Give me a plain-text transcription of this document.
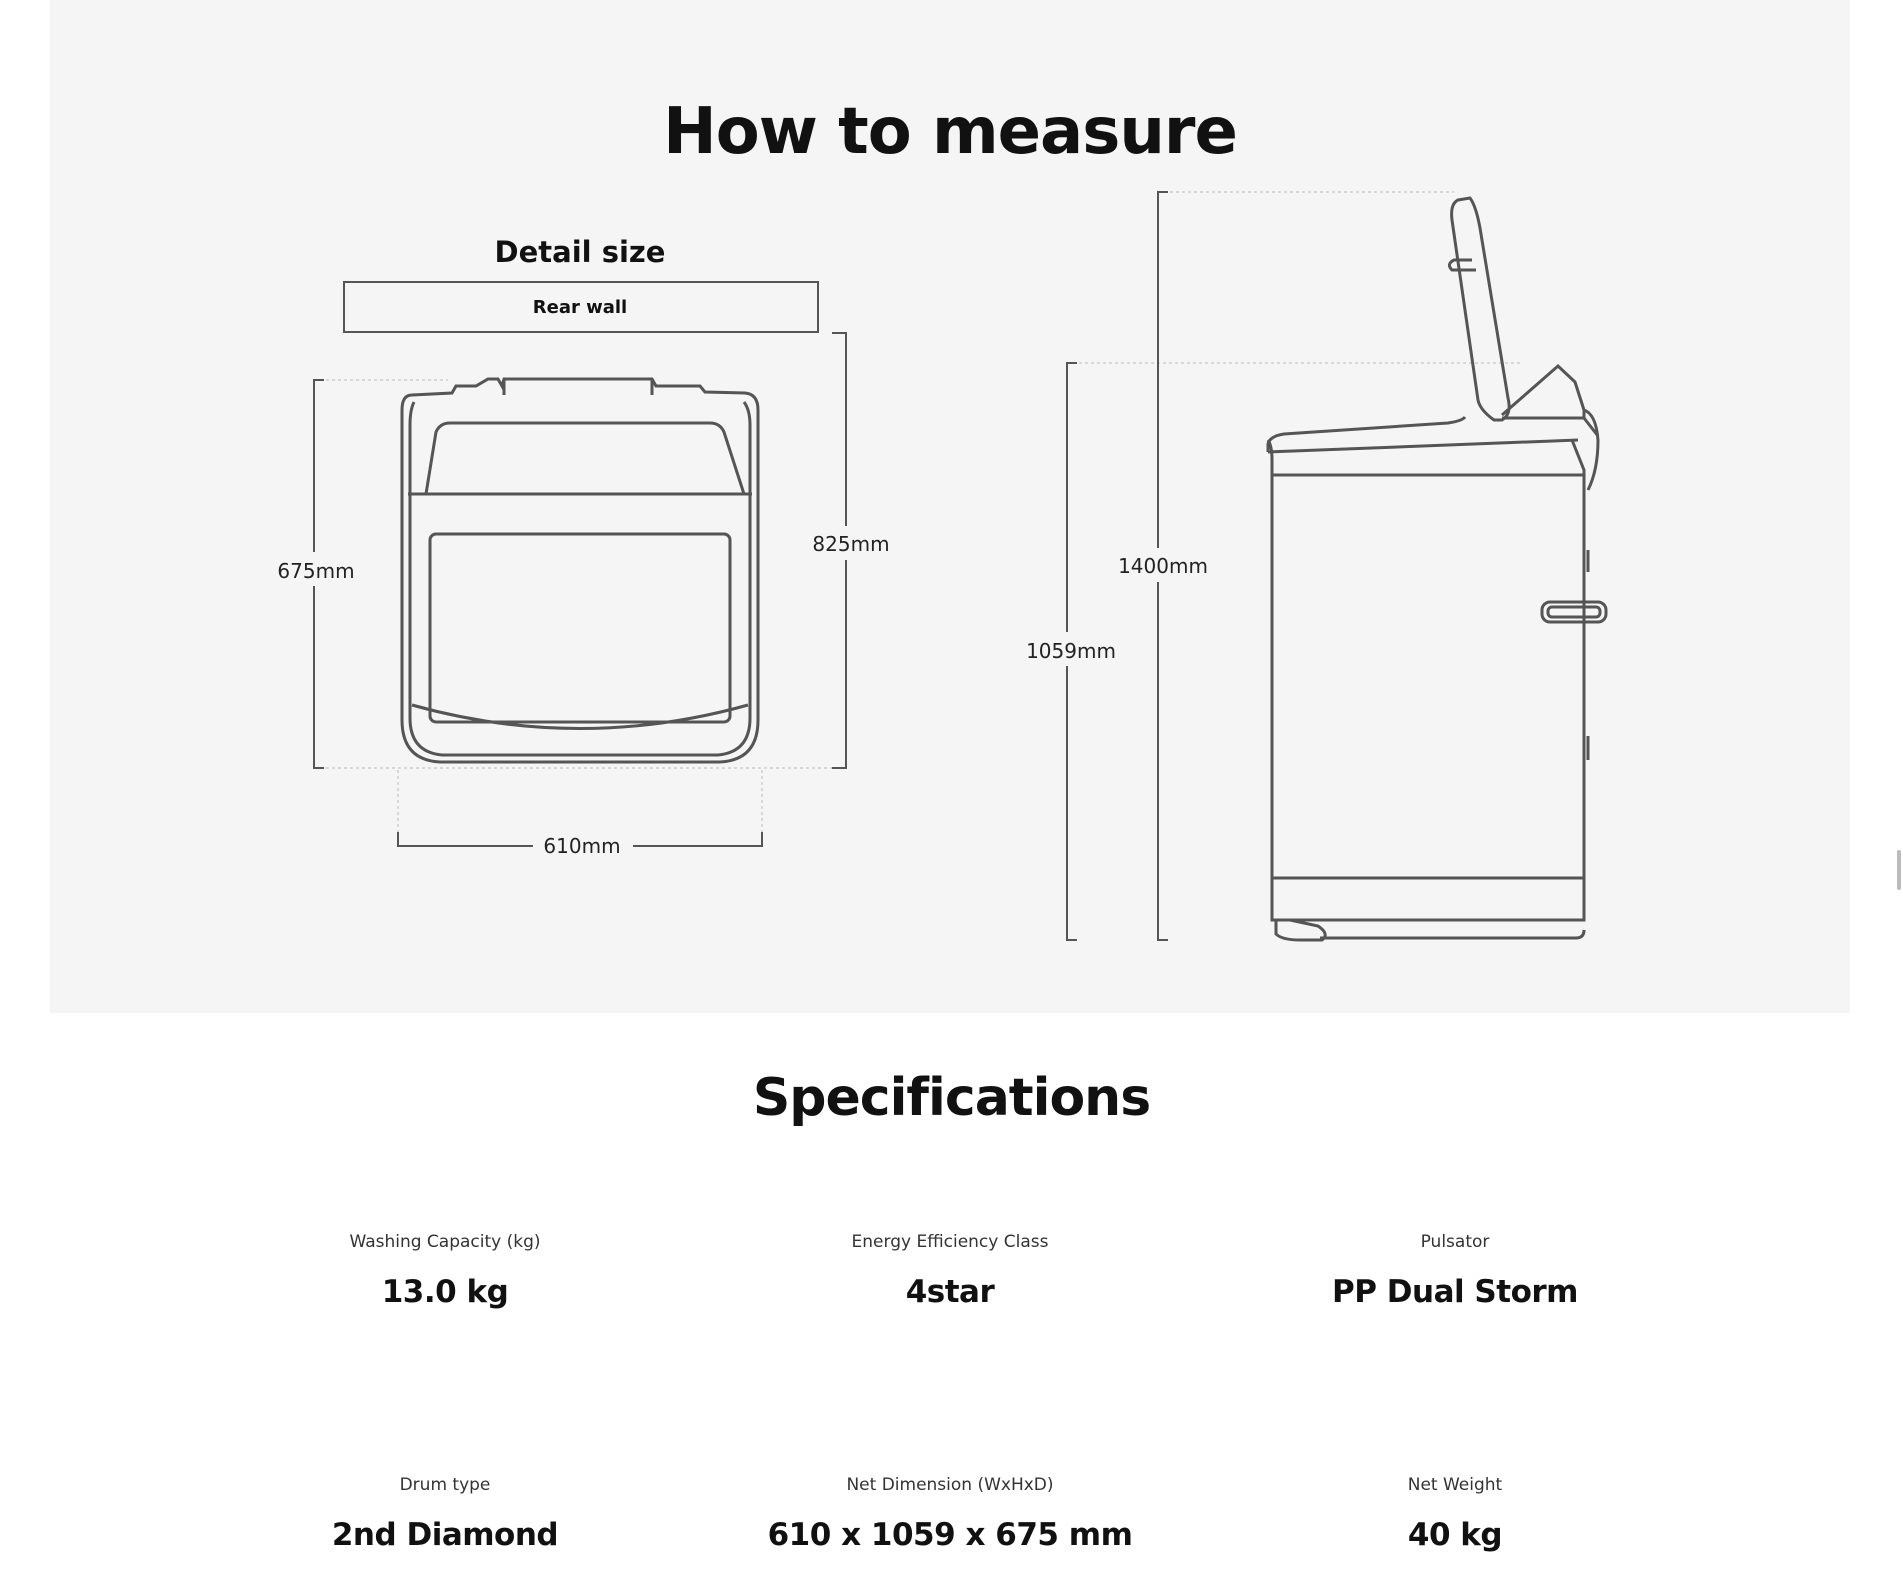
How to measure
Detail size
Rear wall
675mm
825mm
610mm
1059mm
1400mm
Specifications
Washing Capacity (kg)
13.0 kg
Energy Efficiency Class
4star
Pulsator
PP Dual Storm
Drum type
2nd Diamond
Net Dimension (WxHxD)
610 x 1059 x 675 mm
Net Weight
40 kg
